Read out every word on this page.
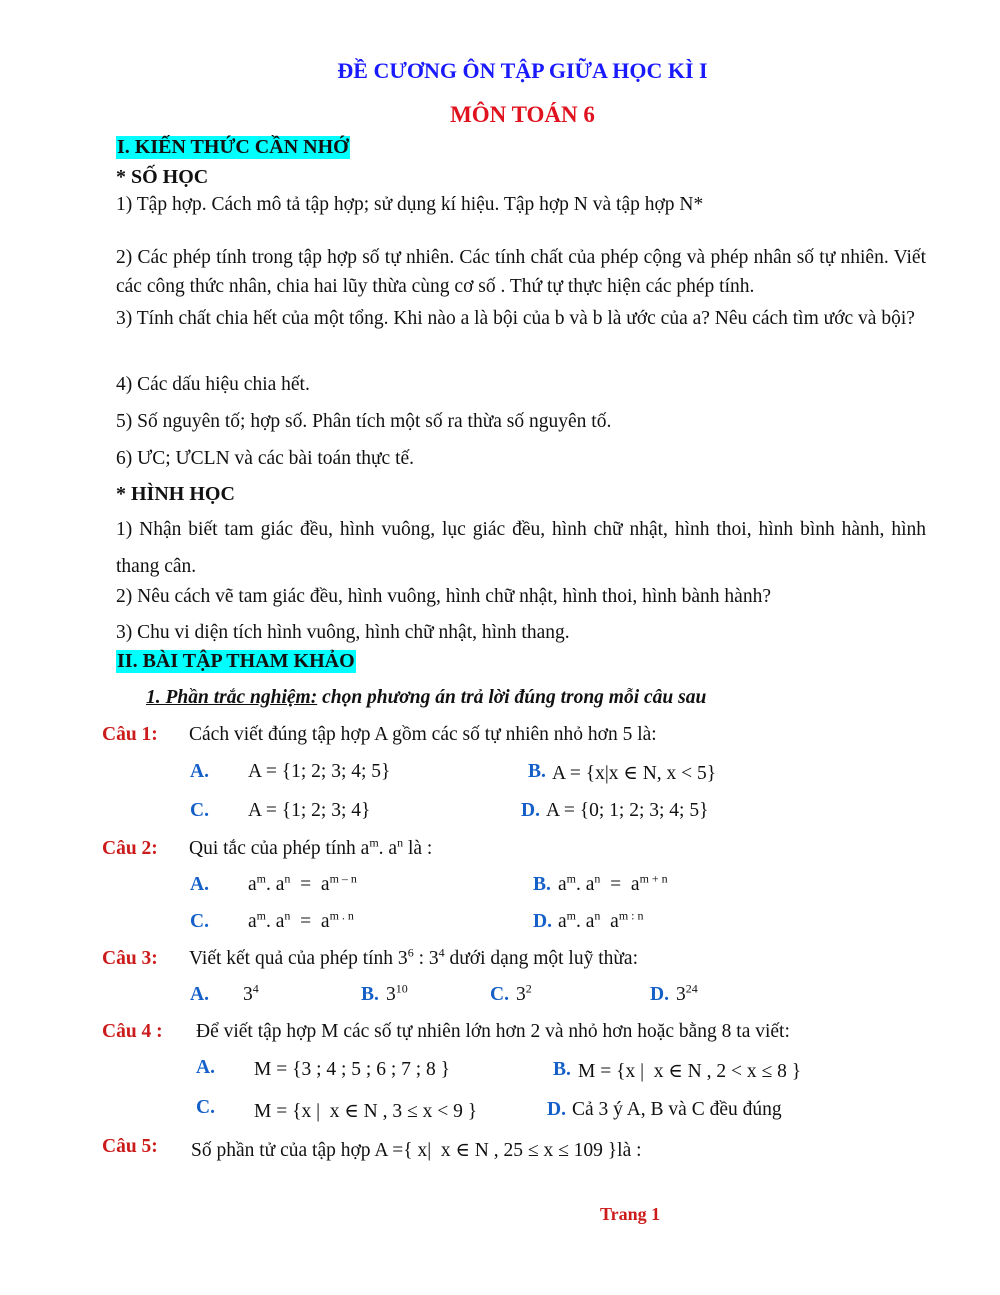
ĐỀ CƯƠNG ÔN TẬP GIỮA HỌC KÌ I
MÔN TOÁN 6
I. KIẾN THỨC CẦN NHỚ
* SỐ HỌC
1) Tập hợp. Cách mô tả tập hợp; sử dụng kí hiệu. Tập hợp N và tập hợp N*
2) Các phép tính trong tập hợp số tự nhiên. Các tính chất của phép cộng và phép nhân số tự nhiên. Viết các công thức nhân, chia hai lũy thừa cùng cơ số . Thứ tự thực hiện các phép tính.
3) Tính chất chia hết của một tổng. Khi nào a là bội của b và b là ước của a? Nêu cách tìm ước và bội?
4) Các dấu hiệu chia hết.
5) Số nguyên tố; hợp số. Phân tích một số ra thừa số nguyên tố.
6) ƯC; ƯCLN và các bài toán thực tế.
* HÌNH HỌC
1) Nhận biết tam giác đều, hình vuông, lục giác đều, hình chữ nhật, hình thoi, hình bình hành, hình thang cân.
2) Nêu cách vẽ tam giác đều, hình vuông, hình chữ nhật, hình thoi, hình bành hành?
3) Chu vi diện tích hình vuông, hình chữ nhật, hình thang.
II. BÀI TẬP THAM KHẢO
1. Phần trắc nghiệm: chọn phương án trả lời đúng trong mỗi câu sau
Câu 1: Cách viết đúng tập hợp A gồm các số tự nhiên nhỏ hơn 5 là:
A. A = {1; 2; 3; 4; 5}	B. A = {x|x ∈ N, x < 5}
C. A = {1; 2; 3; 4}	D. A = {0; 1; 2; 3; 4; 5}
Câu 2: Qui tắc của phép tính $a^m$. $a^n$ là :
A. $a^m$. $a^n = a^{m - n}$	B. $a^m$. $a^n = a^{m + n}$
C. $a^m$. $a^n = a^{m . n}$	D. $a^m$. $a^n$  $a^{m : n}$
Câu 3: Viết kết quả của phép tính $3^6$ : $3^4$ dưới dạng một luỹ thừa:
A. $3^4$	B. $3^{10}$	C. $3^2$	D. $3^{24}$
Câu 4 : Để viết tập hợp M các số tự nhiên lớn hơn 2 và nhỏ hơn hoặc bằng 8 ta viết:
A. M = {3 ; 4 ; 5 ; 6 ; 7 ; 8 }	B. M = {x |  x ∈ N , 2 < x ≤ 8 }
C. M = {x |  x ∈ N , 3 ≤ x < 9 }	D. Cả 3 ý A, B và C đều đúng
Câu 5: Số phần tử của tập hợp A ={ x|  x ∈ N , 25 ≤ x ≤ 109 }là :
Trang 1
